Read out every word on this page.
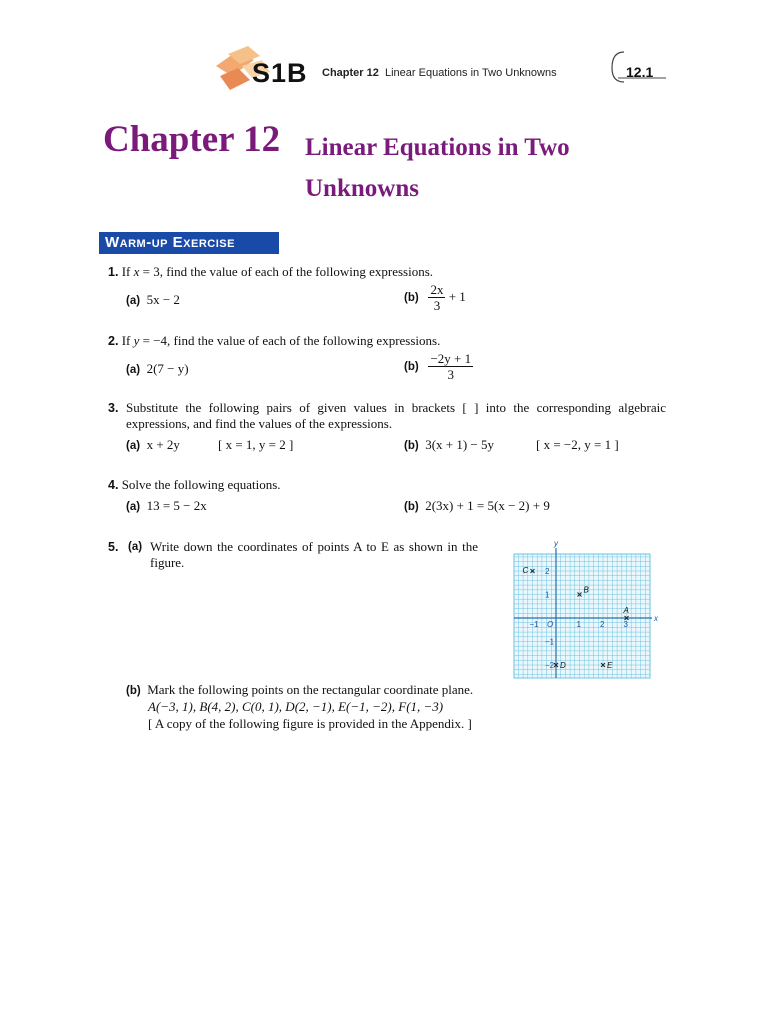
S1B Chapter 12 Linear Equations in Two Unknowns	12.1
Chapter 12 Linear Equations in Two Unknowns
Warm-up Exercise
1. If x = 3, find the value of each of the following expressions.
(a) 5x − 2	$(b) \frac{2x}{3} + 1$
2. If y = −4, find the value of each of the following expressions.
(a) 2(7 − y)	$(b) \frac{-2y + 1}{3}$
3. Substitute the following pairs of given values in brackets [ ] into the corresponding algebraic expressions, and find the values of the expressions.
(a) x + 2y	[ x = 1, y = 2 ]	(b) 3(x + 1) − 5y	[ x = −2, y = 1 ]
4. Solve the following equations.
(a) 13 = 5 − 2x	(b) 2(3x) + 1 = 5(x − 2) + 9
5. (a) Write down the coordinates of points A to E as shown in the figure.
x
y
O
−1	1 2 3
2
1
−1
−2
C
B
A
D	E
(b) Mark the following points on the rectangular coordinate plane.
A(−3, 1), B(4, 2), C(0, 1), D(2, −1), E(−1, −2), F(1, −3)
[ A copy of the following figure is provided in the Appendix. ]
